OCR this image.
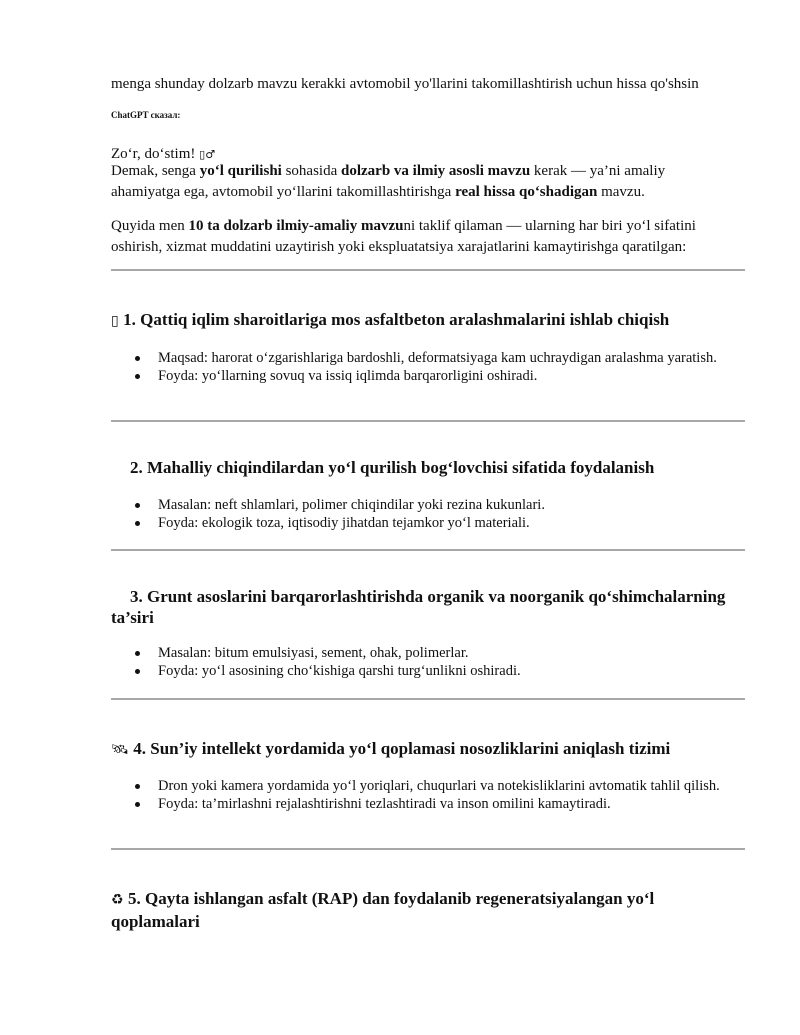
menga shunday dolzarb mavzu kerakki avtomobil yo'llarini takomillashtirish uchun hissa qo'shsin
ChatGPT сказал:
Zo‘r, do‘stim! ▯♂
Demak, senga yo‘l qurilishi sohasida dolzarb va ilmiy asosli mavzu kerak — ya’ni amaliy ahamiyatga ega, avtomobil yo‘llarini takomillashtirishga real hissa qo‘shadigan mavzu.
Quyida men 10 ta dolzarb ilmiy-amaliy mavzuni taklif qilaman — ularning har biri yo‘l sifatini oshirish, xizmat muddatini uzaytirish yoki ekspluatatsiya xarajatlarini kamaytirishga qaratilgan:
▯ 1. Qattiq iqlim sharoitlariga mos asfaltbeton aralashmalarini ishlab chiqish
Maqsad: harorat o‘zgarishlariga bardoshli, deformatsiyaga kam uchraydigan aralashma yaratish.
Foyda: yo‘llarning sovuq va issiq iqlimda barqarorligini oshiradi.
2. Mahalliy chiqindilardan yo‘l qurilish bog‘lovchisi sifatida foydalanish
Masalan: neft shlamlari, polimer chiqindilar yoki rezina kukunlari.
Foyda: ekologik toza, iqtisodiy jihatdan tejamkor yo‘l materiali.
3. Grunt asoslarini barqarorlashtirishda organik va noorganik qo‘shimchalarning ta’siri
Masalan: bitum emulsiyasi, sement, ohak, polimerlar.
Foyda: yo‘l asosining cho‘kishiga qarshi turg‘unlikni oshiradi.
🛰 4. Sun’iy intellekt yordamida yo‘l qoplamasi nosozliklarini aniqlash tizimi
Dron yoki kamera yordamida yo‘l yoriqlari, chuqurlari va notekisliklarini avtomatik tahlil qilish.
Foyda: ta’mirlashni rejalashtirishni tezlashtiradi va inson omilini kamaytiradi.
♻ 5. Qayta ishlangan asfalt (RAP) dan foydalanib regeneratsiyalangan yo‘l qoplamalari
